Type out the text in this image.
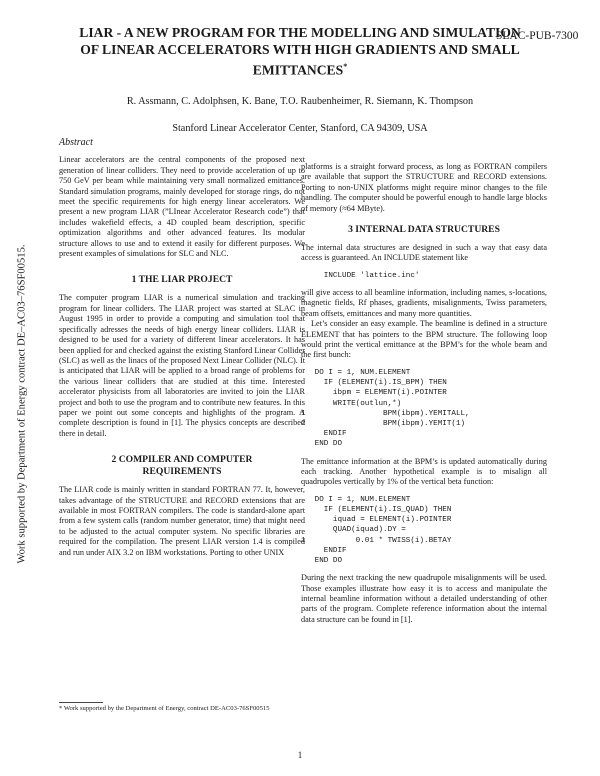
SLAC-PUB-7300
LIAR - A NEW PROGRAM FOR THE MODELLING AND SIMULATION
OF LINEAR ACCELERATORS WITH HIGH GRADIENTS AND SMALL
EMITTANCES*
R. Assmann, C. Adolphsen, K. Bane, T.O. Raubenheimer, R. Siemann, K. Thompson
Stanford Linear Accelerator Center, Stanford, CA 94309, USA
Work supported by Department of Energy contract DE–AC03–76SF00515.
Abstract

Linear accelerators are the central components of the proposed next generation of linear colliders. They need to provide acceleration of up to 750 GeV per beam while maintaining very small normalized emittances. Standard simulation programs, mainly developed for storage rings, do not meet the specific requirements for high energy linear accelerators. We present a new program LIAR (”LInear Accelerator Research code”) that includes wakefield effects, a 4D coupled beam description, specific optimization algorithms and other advanced features. Its modular structure allows to use and to extend it easily for different purposes. We present examples of simulations for SLC and NLC.

1 THE LIAR PROJECT

The computer program LIAR is a numerical simulation and tracking program for linear colliders. The LIAR project was started at SLAC in August 1995 in order to provide a computing and simulation tool that specifically adresses the needs of high energy linear colliders. LIAR is designed to be used for a variety of different linear accelerators. It has been applied for and checked against the existing Stanford Linear Collider (SLC) as well as the linacs of the proposed Next Linear Collider (NLC). It is anticipated that LIAR will be applied to a broad range of problems for the various linear colliders that are studied at this time. Interested accelerator physicists from all laboratories are invited to join the LIAR project and both to use the program and to contribute new features. In this paper we point out some concepts and highlights of the program. A complete description is found in [1]. The physics concepts are described there in detail.

2 COMPILER AND COMPUTER
REQUIREMENTS

The LIAR code is mainly written in standard FORTRAN 77. It, however, takes advantage of the STRUCTURE and RECORD extensions that are available in most FORTRAN compilers. The code is standard-alone apart from a few system calls (random number generator, time) that might need to be adjusted to the actual computer system. No specific libraries are required for the compilation. The present LIAR version 1.4 is compiled and run under AIX 3.2 on IBM workstations. Porting to other UNIX

* Work supported by the Department of Energy, contract DE-AC03-76SF00515

platforms is a straight forward process, as long as FORTRAN compilers are available that support the STRUCTURE and RECORD extensions. Porting to non-UNIX platforms might require minor changes to the file handling. The computer should be powerful enough to handle large blocks of memory (≈64 MByte).

3 INTERNAL DATA STRUCTURES

The internal data structures are designed in such a way that easy data access is guaranteed. An INCLUDE statement like

INCLUDE 'lattice.inc'

will give access to all beamline information, including names, s-locations, magnetic fields, Rf phases, gradients, misalignments, Twiss parameters, beam offsets, emittances and many more quantities.

Let’s consider an easy example. The beamline is defined in a structure ELEMENT that has pointers to the BPM structure. The following loop would print the vertical emittance at the BPM’s for the whole beam and the first bunch:

DO I = 1, NUM.ELEMENT
IF (ELEMENT(i).IS_BPM) THEN
ibpm = ELEMENT(i).POINTER
WRITE(outlun,*)
1                 BPM(ibpm).YEMITALL,
2                 BPM(ibpm).YEMIT(1)
ENDIF
END DO

The emittance information at the BPM’s is updated automatically during each tracking. Another hypothetical example is to misalign all quadrupoles vertically by 1% of the vertical beta function:

DO I = 1, NUM.ELEMENT
IF (ELEMENT(i).IS_QUAD) THEN
iquad = ELEMENT(i).POINTER
QUAD(iquad).DY =
1           0.01 * TWISS(i).BETAY
ENDIF
END DO

During the next tracking the new quadrupole misalignments will be used. Those examples illustrate how easy it is to access and manipulate the internal beamline information without a detailed understanding of other parts of the program. Complete reference information about the internal data structure can be found in [1].

1
